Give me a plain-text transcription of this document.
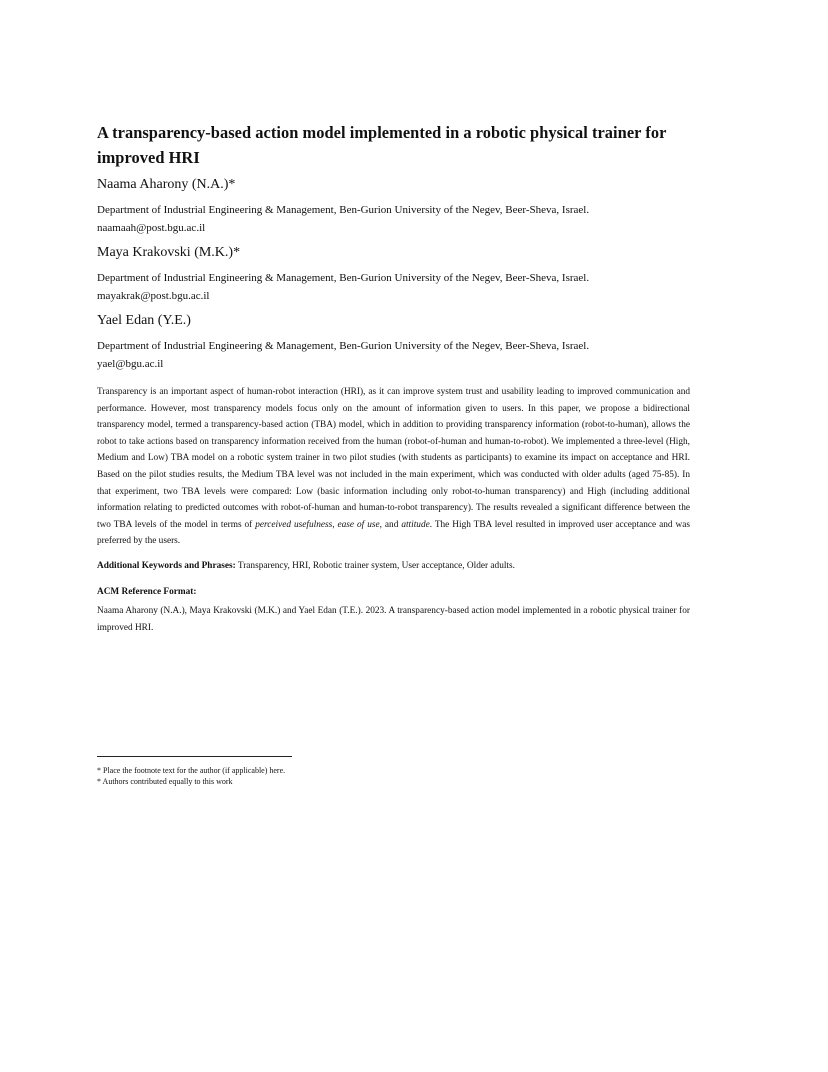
A transparency-based action model implemented in a robotic physical trainer for improved HRI

Naama Aharony (N.A.)*

Department of Industrial Engineering & Management, Ben-Gurion University of the Negev, Beer-Sheva, Israel.

naamaah@post.bgu.ac.il

Maya Krakovski (M.K.)*

Department of Industrial Engineering & Management, Ben-Gurion University of the Negev, Beer-Sheva, Israel.

mayakrak@post.bgu.ac.il

Yael Edan (Y.E.)

Department of Industrial Engineering & Management, Ben-Gurion University of the Negev, Beer-Sheva, Israel.

yael@bgu.ac.il

Transparency is an important aspect of human-robot interaction (HRI), as it can improve system trust and usability leading to improved communication and performance. However, most transparency models focus only on the amount of information given to users. In this paper, we propose a bidirectional transparency model, termed a transparency-based action (TBA) model, which in addition to providing transparency information (robot-to-human), allows the robot to take actions based on transparency information received from the human (robot-of-human and human-to-robot). We implemented a three-level (High, Medium and Low) TBA model on a robotic system trainer in two pilot studies (with students as participants) to examine its impact on acceptance and HRI. Based on the pilot studies results, the Medium TBA level was not included in the main experiment, which was conducted with older adults (aged 75-85). In that experiment, two TBA levels were compared: Low (basic information including only robot-to-human transparency) and High (including additional information relating to predicted outcomes with robot-of-human and human-to-robot transparency). The results revealed a significant difference between the two TBA levels of the model in terms of perceived usefulness, ease of use, and attitude. The High TBA level resulted in improved user acceptance and was preferred by the users.

Additional Keywords and Phrases: Transparency, HRI, Robotic trainer system, User acceptance, Older adults.

ACM Reference Format:

Naama Aharony (N.A.), Maya Krakovski (M.K.) and Yael Edan (T.E.). 2023. A transparency-based action model implemented in a robotic physical trainer for improved HRI.

* Place the footnote text for the author (if applicable) here.

* Authors contributed equally to this work
